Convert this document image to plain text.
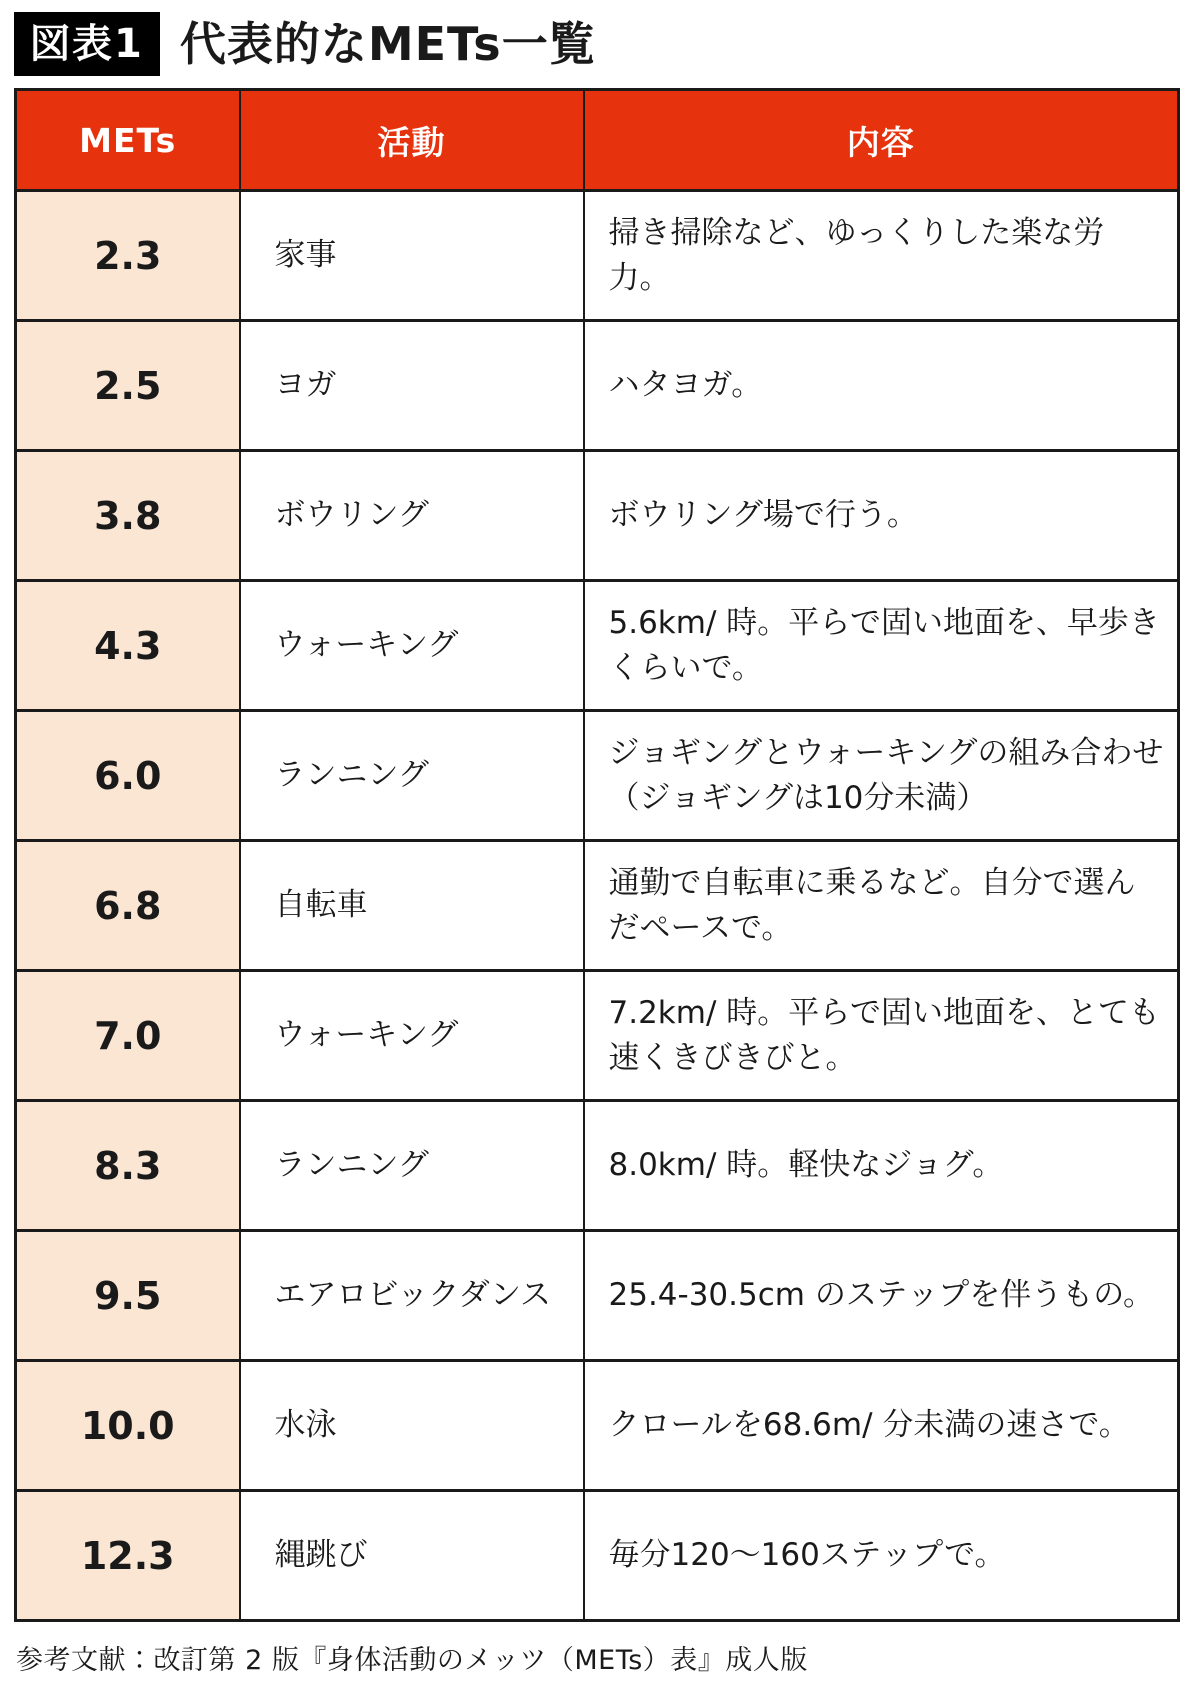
図表1 代表的なMETs一覧
METs	活動	内容
2.3	家事	掃き掃除など、ゆっくりした楽な労力。
2.5	ヨガ	ハタヨガ。
3.8	ボウリング	ボウリング場で行う。
4.3	ウォーキング	5.6km/ 時。平らで固い地面を、早歩きくらいで。
6.0	ランニング	ジョギングとウォーキングの組み合わせ（ジョギングは10分未満）
6.8	自転車	通勤で自転車に乗るなど。自分で選んだペースで。
7.0	ウォーキング	7.2km/ 時。平らで固い地面を、とても速くきびきびと。
8.3	ランニング	8.0km/ 時。軽快なジョグ。
9.5	エアロビックダンス	25.4-30.5cm のステップを伴うもの。
10.0	水泳	クロールを68.6m/ 分未満の速さで。
12.3	縄跳び	毎分120〜160ステップで。

参考文献：改訂第 2 版『身体活動のメッツ（METs）表』成人版
